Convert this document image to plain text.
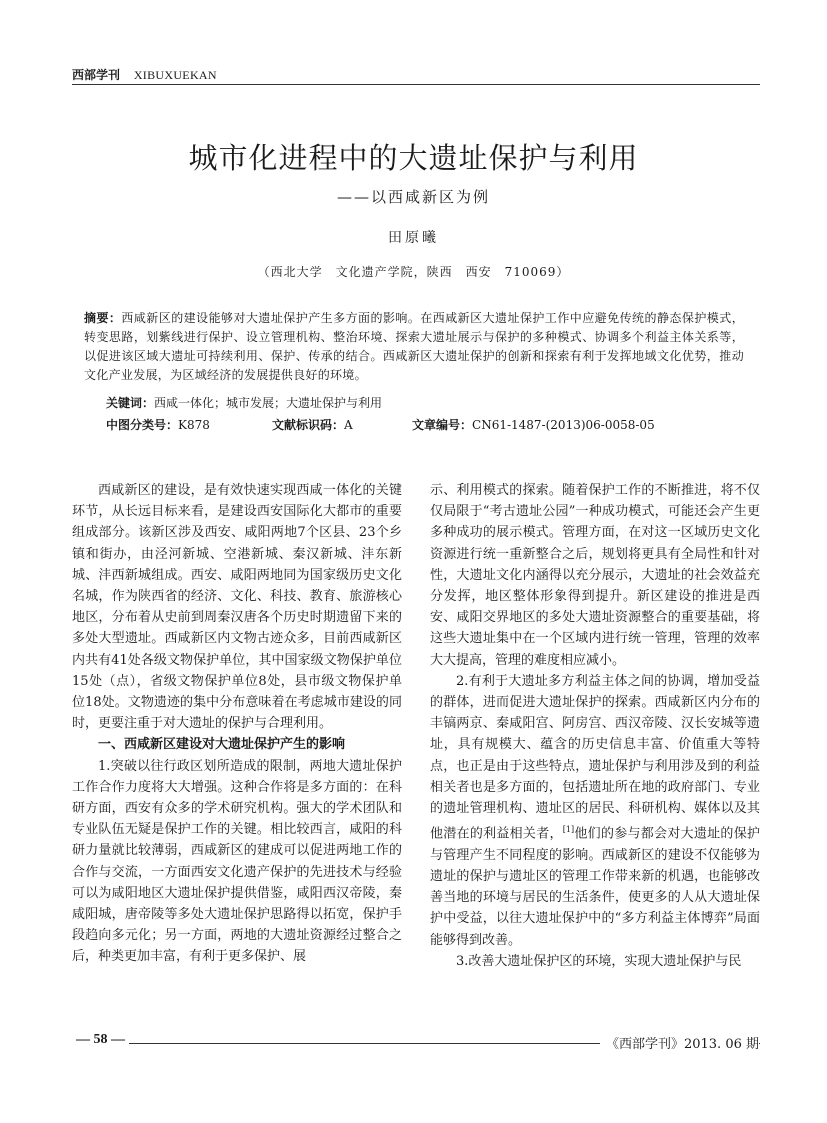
西部学刊 XIBUXUEKAN
城市化进程中的大遗址保护与利用
——以西咸新区为例
田原曦
（西北大学　文化遗产学院，陕西　西安　710069）
摘要：西咸新区的建设能够对大遗址保护产生多方面的影响。在西咸新区大遗址保护工作中应避免传统的静态保护模式，转变思路，划紫线进行保护、设立管理机构、整治环境、探索大遗址展示与保护的多种模式、协调多个利益主体关系等，以促进该区域大遗址可持续利用、保护、传承的结合。西咸新区大遗址保护的创新和探索有利于发挥地域文化优势，推动文化产业发展，为区域经济的发展提供良好的环境。
关键词：西咸一体化；城市发展；大遗址保护与利用
中图分类号：K878	文献标识码：A	文章编号：CN61-1487-(2013)06-0058-05

西咸新区的建设，是有效快速实现西咸一体化的关键环节，从长远目标来看，是建设西安国际化大都市的重要组成部分。该新区涉及西安、咸阳两地7个区县、23个乡镇和街办，由泾河新城、空港新城、秦汉新城、沣东新城、沣西新城组成。西安、咸阳两地同为国家级历史文化名城，作为陕西省的经济、文化、科技、教育、旅游核心地区，分布着从史前到周秦汉唐各个历史时期遗留下来的多处大型遗址。西咸新区内文物古迹众多，目前西咸新区内共有41处各级文物保护单位，其中国家级文物保护单位15处（点），省级文物保护单位8处，县市级文物保护单位18处。文物遗迹的集中分布意味着在考虑城市建设的同时，更要注重于对大遗址的保护与合理利用。

一、西咸新区建设对大遗址保护产生的影响

1.突破以往行政区划所造成的限制，两地大遗址保护工作合作力度将大大增强。这种合作将是多方面的：在科研方面，西安有众多的学术研究机构。强大的学术团队和专业队伍无疑是保护工作的关键。相比较西言，咸阳的科研力量就比较薄弱，西咸新区的建成可以促进两地工作的合作与交流，一方面西安文化遗产保护的先进技术与经验可以为咸阳地区大遗址保护提供借鉴，咸阳西汉帝陵，秦咸阳城，唐帝陵等多处大遗址保护思路得以拓宽，保护手段趋向多元化；另一方面，两地的大遗址资源经过整合之后，种类更加丰富，有利于更多保护、展

示、利用模式的探索。随着保护工作的不断推进，将不仅仅局限于“考古遗址公园”一种成功模式，可能还会产生更多种成功的展示模式。管理方面，在对这一区域历史文化资源进行统一重新整合之后，规划将更具有全局性和针对性，大遗址文化内涵得以充分展示，大遗址的社会效益充分发挥，地区整体形象得到提升。新区建设的推进是西安、咸阳交界地区的多处大遗址资源整合的重要基础，将这些大遗址集中在一个区域内进行统一管理，管理的效率大大提高，管理的难度相应减小。

2.有利于大遗址多方利益主体之间的协调，增加受益的群体，进而促进大遗址保护的探索。西咸新区内分布的丰镐两京、秦咸阳宫、阿房宫、西汉帝陵、汉长安城等遗址，具有规模大、蕴含的历史信息丰富、价值重大等特点，也正是由于这些特点，遗址保护与利用涉及到的利益相关者也是多方面的，包括遗址所在地的政府部门、专业的遗址管理机构、遗址区的居民、科研机构、媒体以及其他潜在的利益相关者，[1]他们的参与都会对大遗址的保护与管理产生不同程度的影响。西咸新区的建设不仅能够为遗址的保护与遗址区的管理工作带来新的机遇，也能够改善当地的环境与居民的生活条件，使更多的人从大遗址保护中受益，以往大遗址保护中的“多方利益主体博弈”局面能够得到改善。

3.改善大遗址保护区的环境，实现大遗址保护与民

— 58 —	《西部学刊》2013. 06 期
